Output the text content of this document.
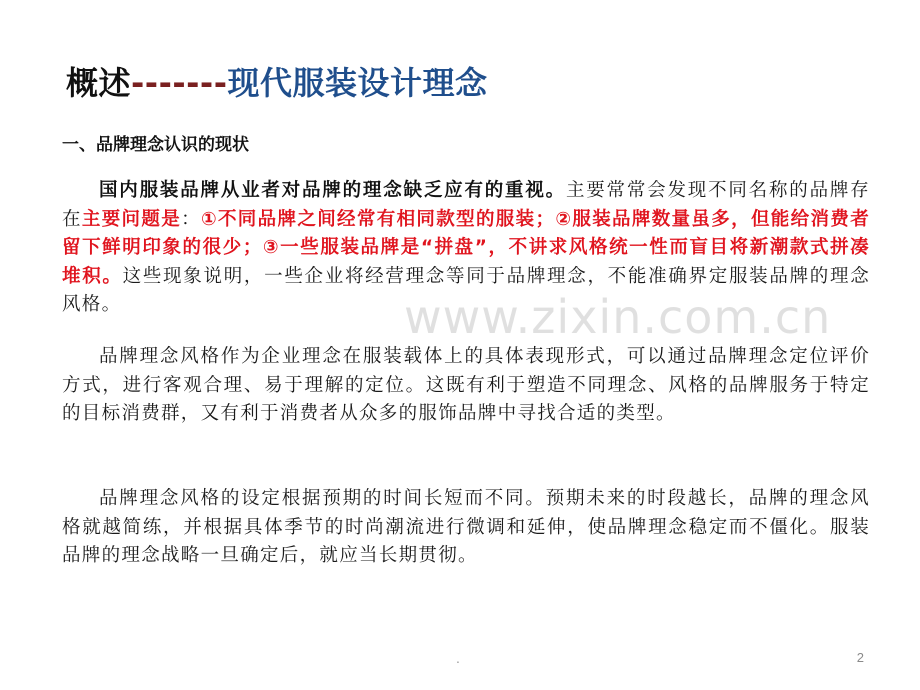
概述-------现代服装设计理念
一、品牌理念认识的现状
www.zixin.com.cn
国内服装品牌从业者对品牌的理念缺乏应有的重视。主要常常会发现不同名称的品牌存在主要问题是：①不同品牌之间经常有相同款型的服装；②服装品牌数量虽多，但能给消费者留下鲜明印象的很少；③一些服装品牌是“拼盘”，不讲求风格统一性而盲目将新潮款式拼凑堆积。这些现象说明，一些企业将经营理念等同于品牌理念，不能准确界定服装品牌的理念风格。
品牌理念风格作为企业理念在服装载体上的具体表现形式，可以通过品牌理念定位评价方式，进行客观合理、易于理解的定位。这既有利于塑造不同理念、风格的品牌服务于特定的目标消费群，又有利于消费者从众多的服饰品牌中寻找合适的类型。
品牌理念风格的设定根据预期的时间长短而不同。预期未来的时段越长，品牌的理念风格就越简练，并根据具体季节的时尚潮流进行微调和延伸，使品牌理念稳定而不僵化。服装品牌的理念战略一旦确定后，就应当长期贯彻。
.	2
